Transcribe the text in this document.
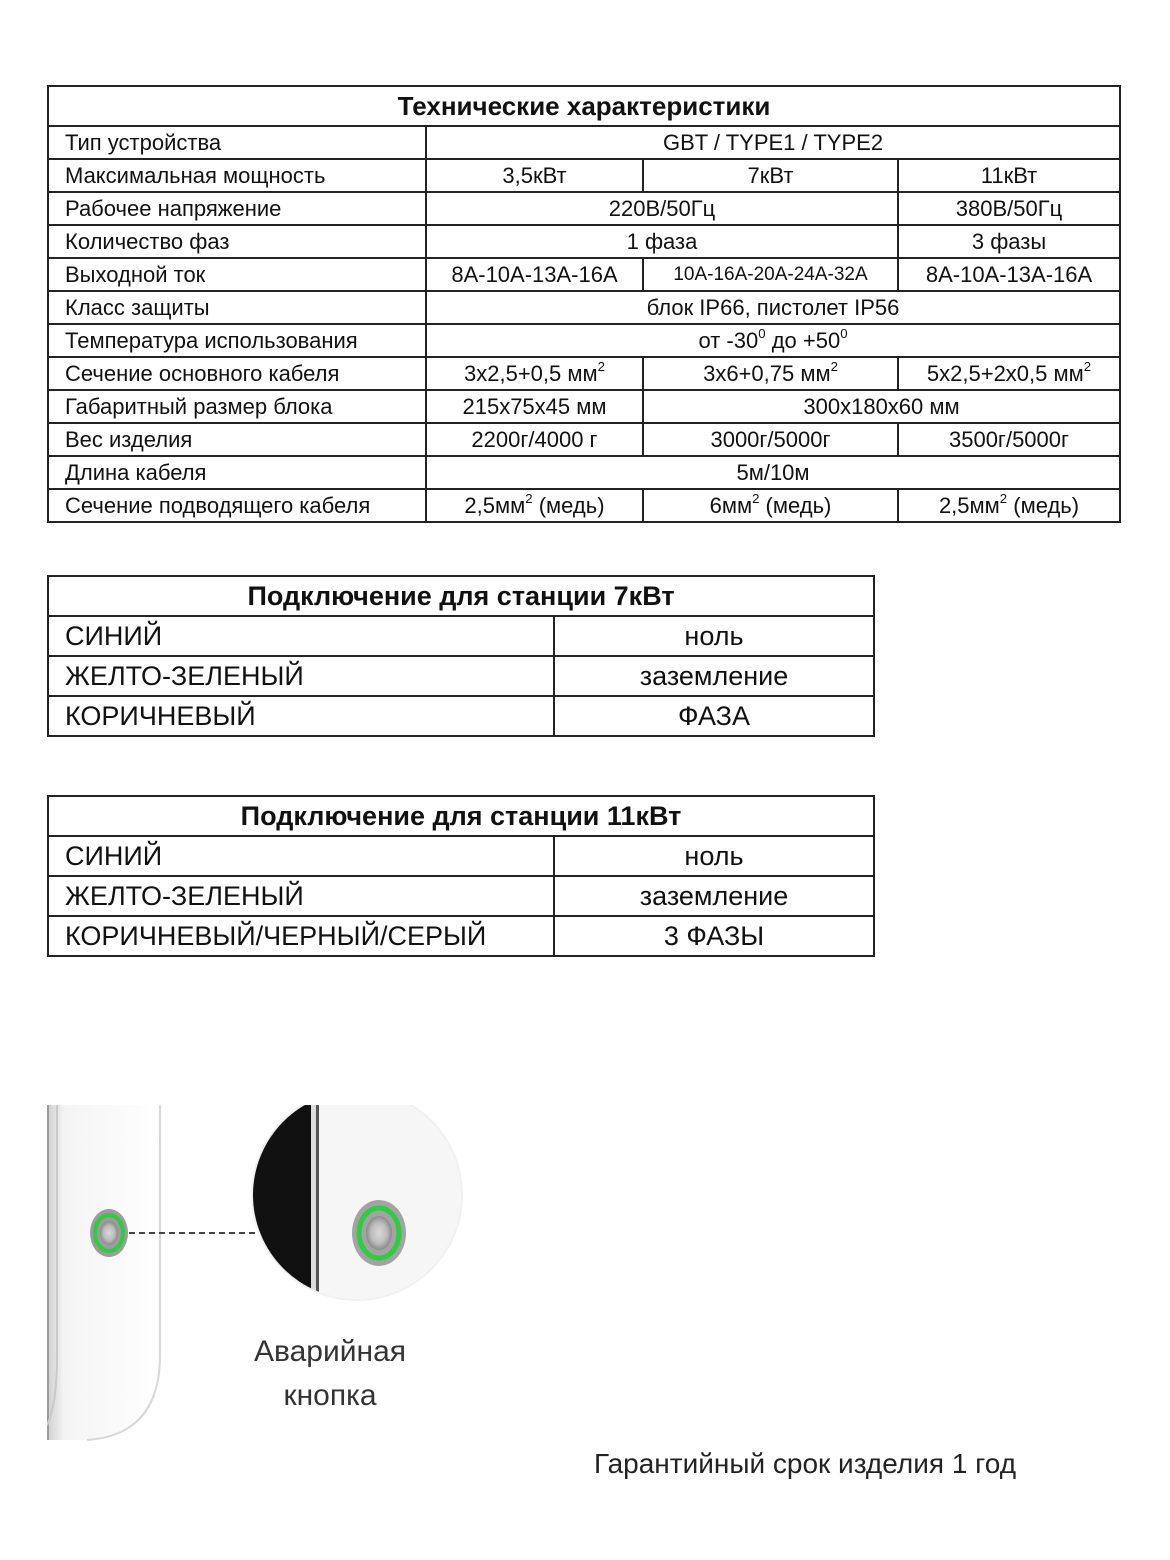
Технические характеристики			
Тип устройства	GBT / TYPE1 / TYPE2		
Максимальная мощность	3,5кВт	7кВт	11кВт
Рабочее напряжение	220В/50Гц		380В/50Гц
Количество фаз	1 фаза		3 фазы
Выходной ток	8А-10А-13А-16А	10А-16А-20А-24А-32А	8А-10А-13А-16А
Класс защиты	блок IP66, пистолет IP56		
Температура использования	от $-30^0$ до $+50^0$
Сечение основного кабеля	3х2,5+0,5 $мм^2$	3х6+0,75 $мм^2$	5х2,5+2х0,5 $мм^2$
Габаритный размер блока	215х75х45 мм	300х180х60 мм	
Вес изделия	2200г/4000 г	3000г/5000г	3500г/5000г
Длина кабеля	5м/10м		
Сечение подводящего кабеля	$2,5мм^2$ (медь)	$6мм^2$ (медь)	$2,5мм^2$ (медь)
Подключение для станции 7кВт	
СИНИЙ	ноль
ЖЕЛТО-ЗЕЛЕНЫЙ	заземление
КОРИЧНЕВЫЙ	ФАЗА
Подключение для станции 11кВт	
СИНИЙ	ноль
ЖЕЛТО-ЗЕЛЕНЫЙ	заземление
КОРИЧНЕВЫЙ/ЧЕРНЫЙ/СЕРЫЙ	3 ФАЗЫ
Аварийная
кнопка
Гарантийный срок изделия 1 год
